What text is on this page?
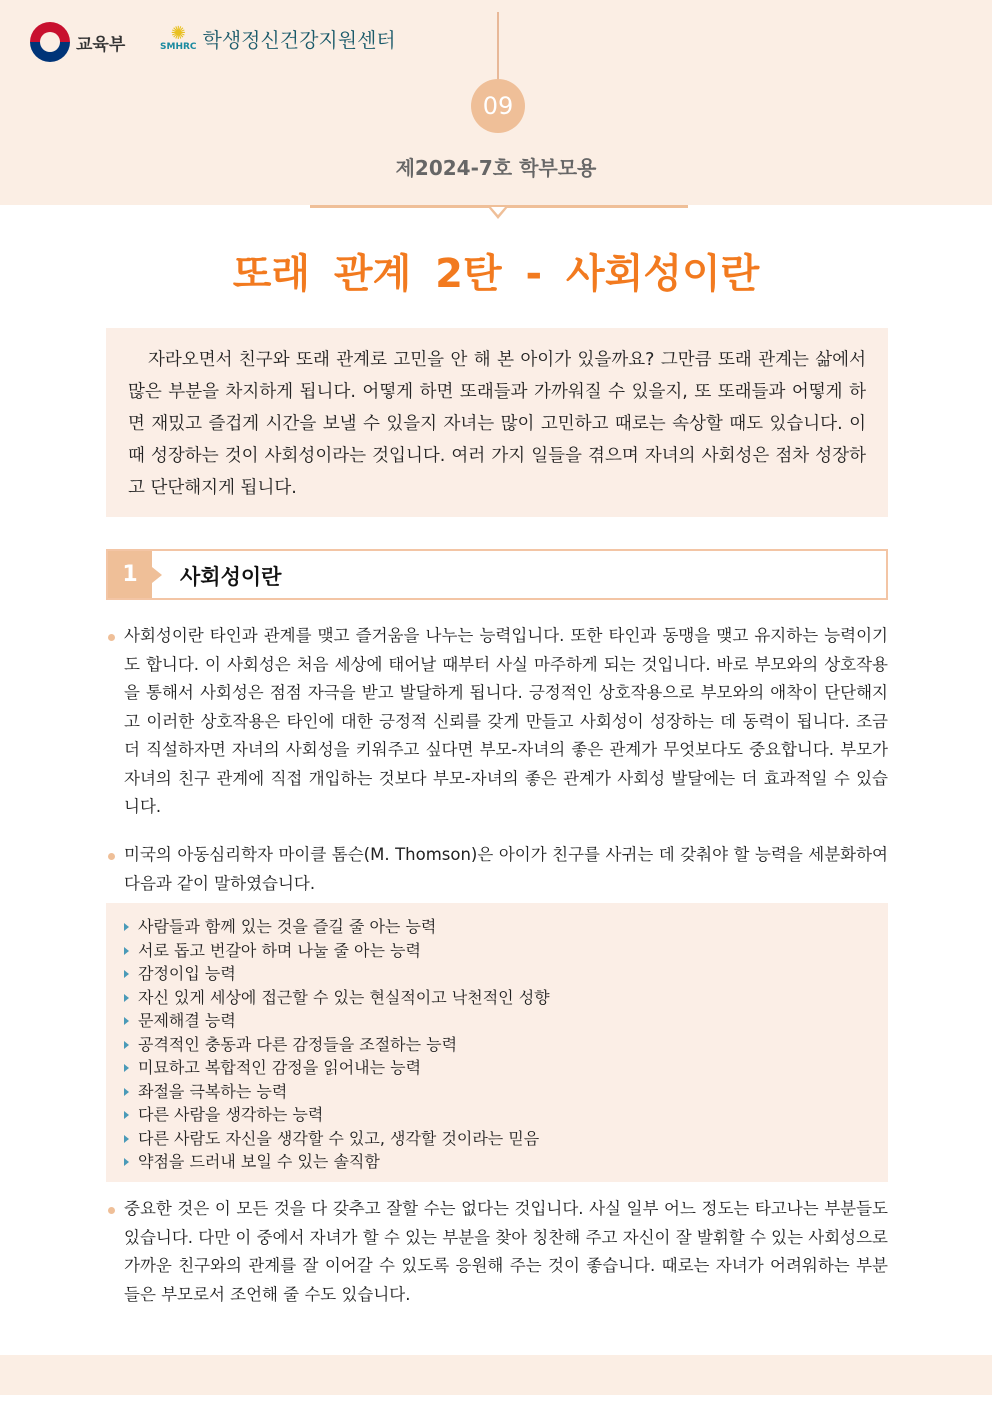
교육부
✺
SMHRC 학생정신건강지원센터
09
제2024-7호 학부모용
또래 관계 2탄 - 사회성이란
자라오면서 친구와 또래 관계로 고민을 안 해 본 아이가 있을까요? 그만큼 또래 관계는 삶에서 많은 부분을 차지하게 됩니다. 어떻게 하면 또래들과 가까워질 수 있을지, 또 또래들과 어떻게 하면 재밌고 즐겁게 시간을 보낼 수 있을지 자녀는 많이 고민하고 때로는 속상할 때도 있습니다. 이때 성장하는 것이 사회성이라는 것입니다. 여러 가지 일들을 겪으며 자녀의 사회성은 점차 성장하고 단단해지게 됩니다.
1	사회성이란

사회성이란 타인과 관계를 맺고 즐거움을 나누는 능력입니다. 또한 타인과 동맹을 맺고 유지하는 능력이기도 합니다. 이 사회성은 처음 세상에 태어날 때부터 사실 마주하게 되는 것입니다. 바로 부모와의 상호작용을 통해서 사회성은 점점 자극을 받고 발달하게 됩니다. 긍정적인 상호작용으로 부모와의 애착이 단단해지고 이러한 상호작용은 타인에 대한 긍정적 신뢰를 갖게 만들고 사회성이 성장하는 데 동력이 됩니다. 조금 더 직설하자면 자녀의 사회성을 키워주고 싶다면 부모-자녀의 좋은 관계가 무엇보다도 중요합니다. 부모가 자녀의 친구 관계에 직접 개입하는 것보다 부모-자녀의 좋은 관계가 사회성 발달에는 더 효과적일 수 있습니다.

미국의 아동심리학자 마이클 톰슨(M. Thomson)은 아이가 친구를 사귀는 데 갖춰야 할 능력을 세분화하여 다음과 같이 말하였습니다.

사람들과 함께 있는 것을 즐길 줄 아는 능력
서로 돕고 번갈아 하며 나눌 줄 아는 능력
감정이입 능력
자신 있게 세상에 접근할 수 있는 현실적이고 낙천적인 성향
문제해결 능력
공격적인 충동과 다른 감정들을 조절하는 능력
미묘하고 복합적인 감정을 읽어내는 능력
좌절을 극복하는 능력
다른 사람을 생각하는 능력
다른 사람도 자신을 생각할 수 있고, 생각할 것이라는 믿음
약점을 드러내 보일 수 있는 솔직함

중요한 것은 이 모든 것을 다 갖추고 잘할 수는 없다는 것입니다. 사실 일부 어느 정도는 타고나는 부분들도 있습니다. 다만 이 중에서 자녀가 할 수 있는 부분을 찾아 칭찬해 주고 자신이 잘 발휘할 수 있는 사회성으로 가까운 친구와의 관계를 잘 이어갈 수 있도록 응원해 주는 것이 좋습니다. 때로는 자녀가 어려워하는 부분들은 부모로서 조언해 줄 수도 있습니다.
